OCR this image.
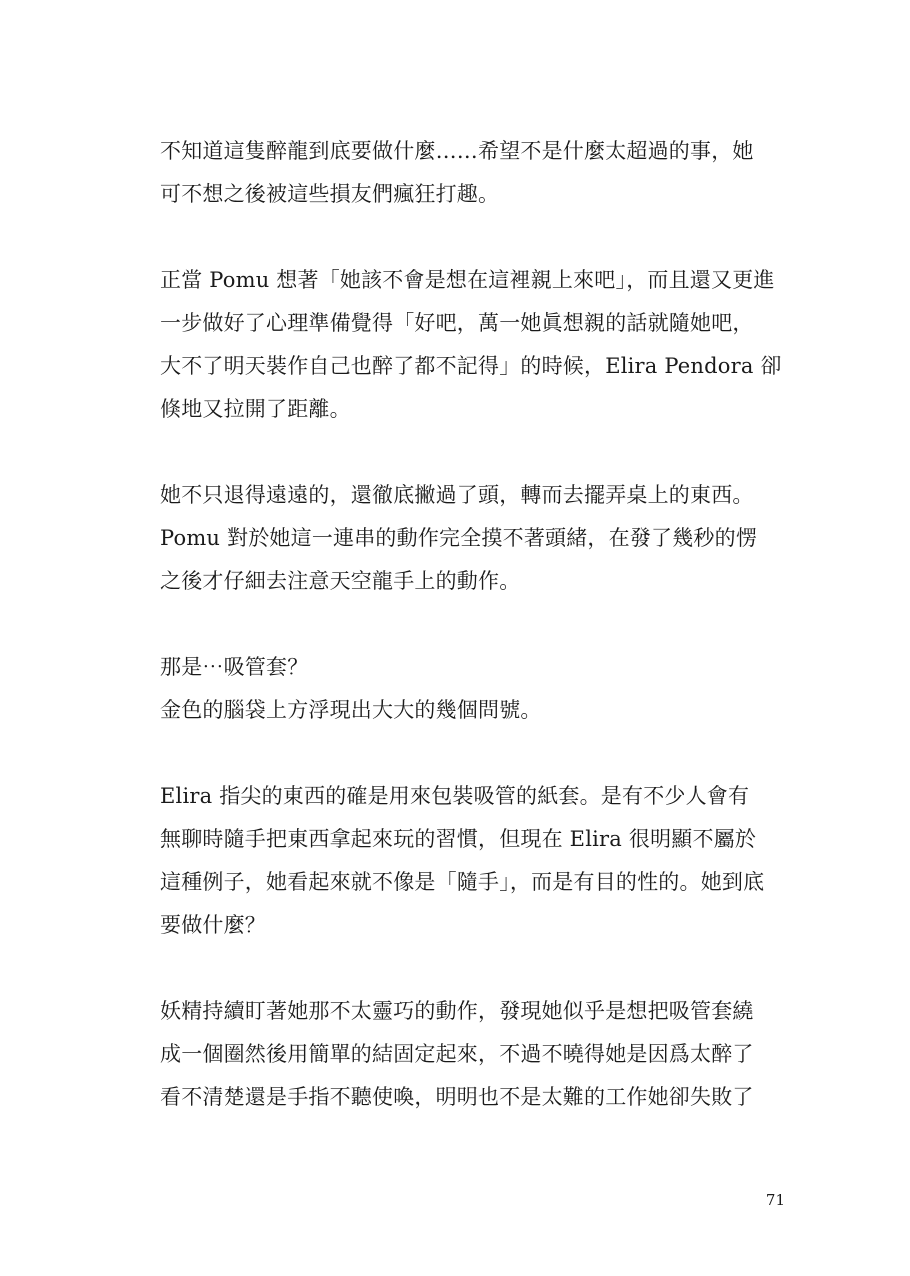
不知道這隻醉龍到底要做什麼……希望不是什麼太超過的事，她
可不想之後被這些損友們瘋狂打趣。

正當 Pomu 想著「她該不會是想在這裡親上來吧」，而且還又更進
一步做好了心理準備覺得「好吧，萬一她眞想親的話就隨她吧，
大不了明天裝作自己也醉了都不記得」的時候，Elira Pendora 卻
倏地又拉開了距離。

她不只退得遠遠的，還徹底撇過了頭，轉而去擺弄桌上的東西。
Pomu 對於她這一連串的動作完全摸不著頭緒，在發了幾秒的愣
之後才仔細去注意天空龍手上的動作。

那是⋯吸管套？
金色的腦袋上方浮現出大大的幾個問號。

Elira 指尖的東西的確是用來包裝吸管的紙套。是有不少人會有
無聊時隨手把東西拿起來玩的習慣，但現在 Elira 很明顯不屬於
這種例子，她看起來就不像是「隨手」，而是有目的性的。她到底
要做什麼？

妖精持續盯著她那不太靈巧的動作，發現她似乎是想把吸管套繞
成一個圈然後用簡單的結固定起來，不過不曉得她是因爲太醉了
看不清楚還是手指不聽使喚，明明也不是太難的工作她卻失敗了

71
